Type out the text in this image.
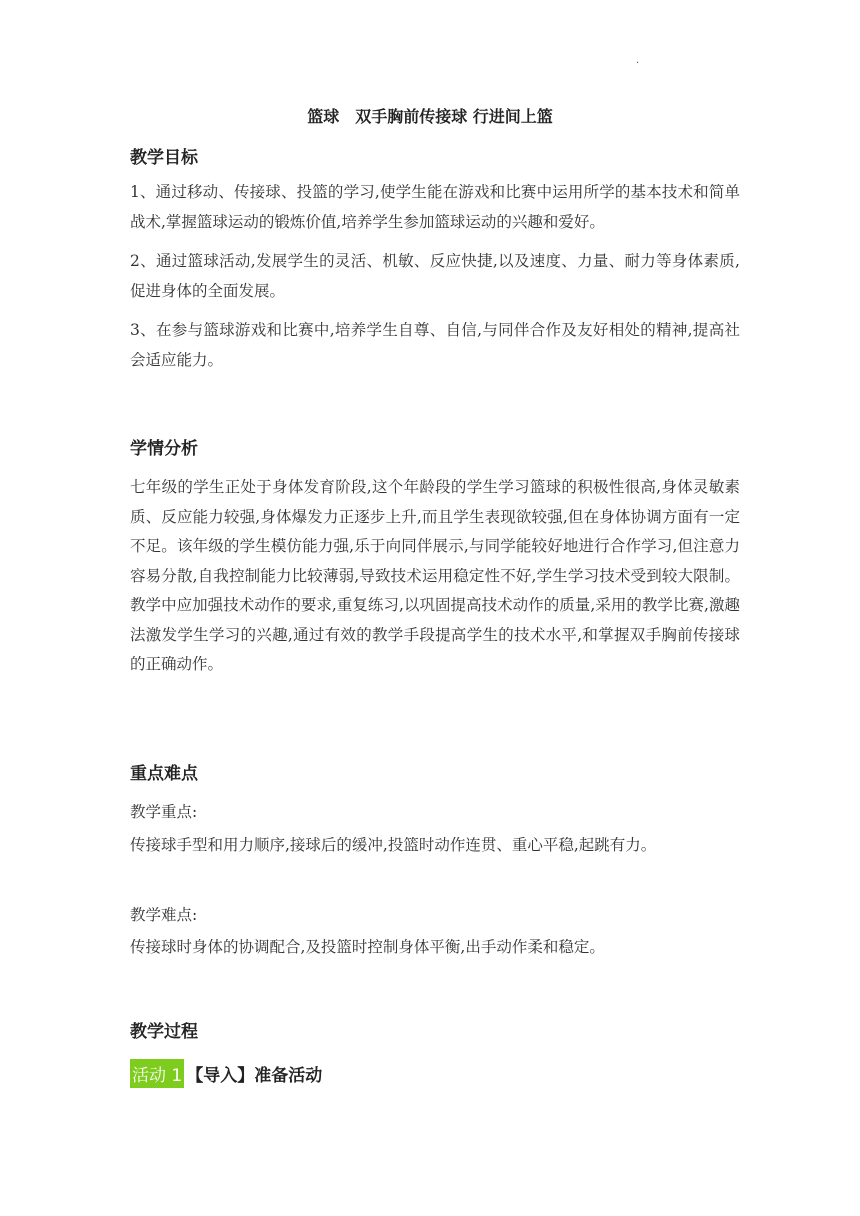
·
篮球　双手胸前传接球 行进间上篮
教学目标

1、通过移动、传接球、投篮的学习,使学生能在游戏和比赛中运用所学的基本技术和简单战术,掌握篮球运动的锻炼价值,培养学生参加篮球运动的兴趣和爱好。

2、通过篮球活动,发展学生的灵活、机敏、反应快捷,以及速度、力量、耐力等身体素质,促进身体的全面发展。

3、在参与篮球游戏和比赛中,培养学生自尊、自信,与同伴合作及友好相处的精神,提高社会适应能力。

学情分析

七年级的学生正处于身体发育阶段,这个年龄段的学生学习篮球的积极性很高,身体灵敏素质、反应能力较强,身体爆发力正逐步上升,而且学生表现欲较强,但在身体协调方面有一定不足。该年级的学生模仿能力强,乐于向同伴展示,与同学能较好地进行合作学习,但注意力容易分散,自我控制能力比较薄弱,导致技术运用稳定性不好,学生学习技术受到较大限制。教学中应加强技术动作的要求,重复练习,以巩固提高技术动作的质量,采用的教学比赛,激趣法激发学生学习的兴趣,通过有效的教学手段提高学生的技术水平,和掌握双手胸前传接球的正确动作。

重点难点

教学重点:

传接球手型和用力顺序,接球后的缓冲,投篮时动作连贯、重心平稳,起跳有力。

教学难点:

传接球时身体的协调配合,及投篮时控制身体平衡,出手动作柔和稳定。

教学过程
活动 1 【导入】准备活动
